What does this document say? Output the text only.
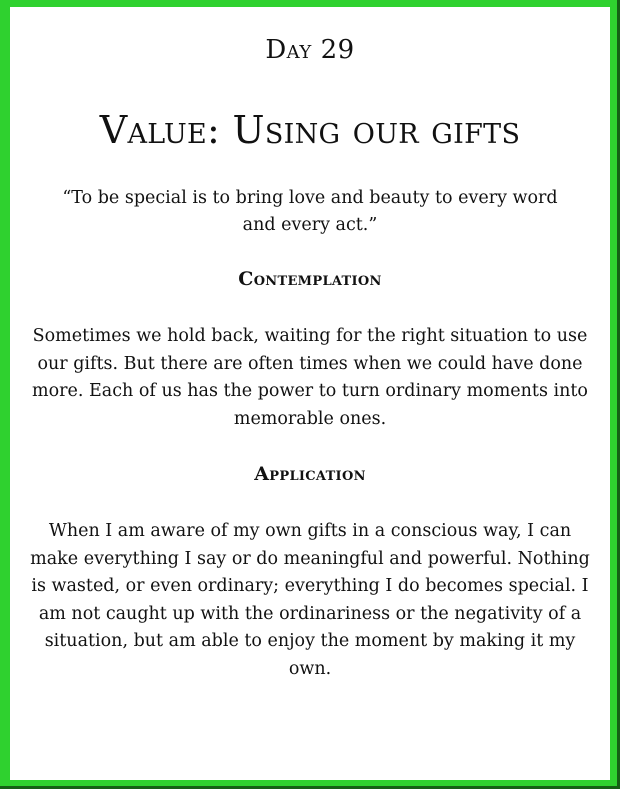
Day 29
Value: Using our gifts
“To be special is to bring love and beauty to every word and every act.”
Contemplation
Sometimes we hold back, waiting for the right situation to use our gifts. But there are often times when we could have done more. Each of us has the power to turn ordinary moments into memorable ones.
Application
When I am aware of my own gifts in a conscious way, I can make everything I say or do meaningful and powerful. Nothing is wasted, or even ordinary; everything I do becomes special. I am not caught up with the ordinariness or the negativity of a situation, but am able to enjoy the moment by making it my own.
